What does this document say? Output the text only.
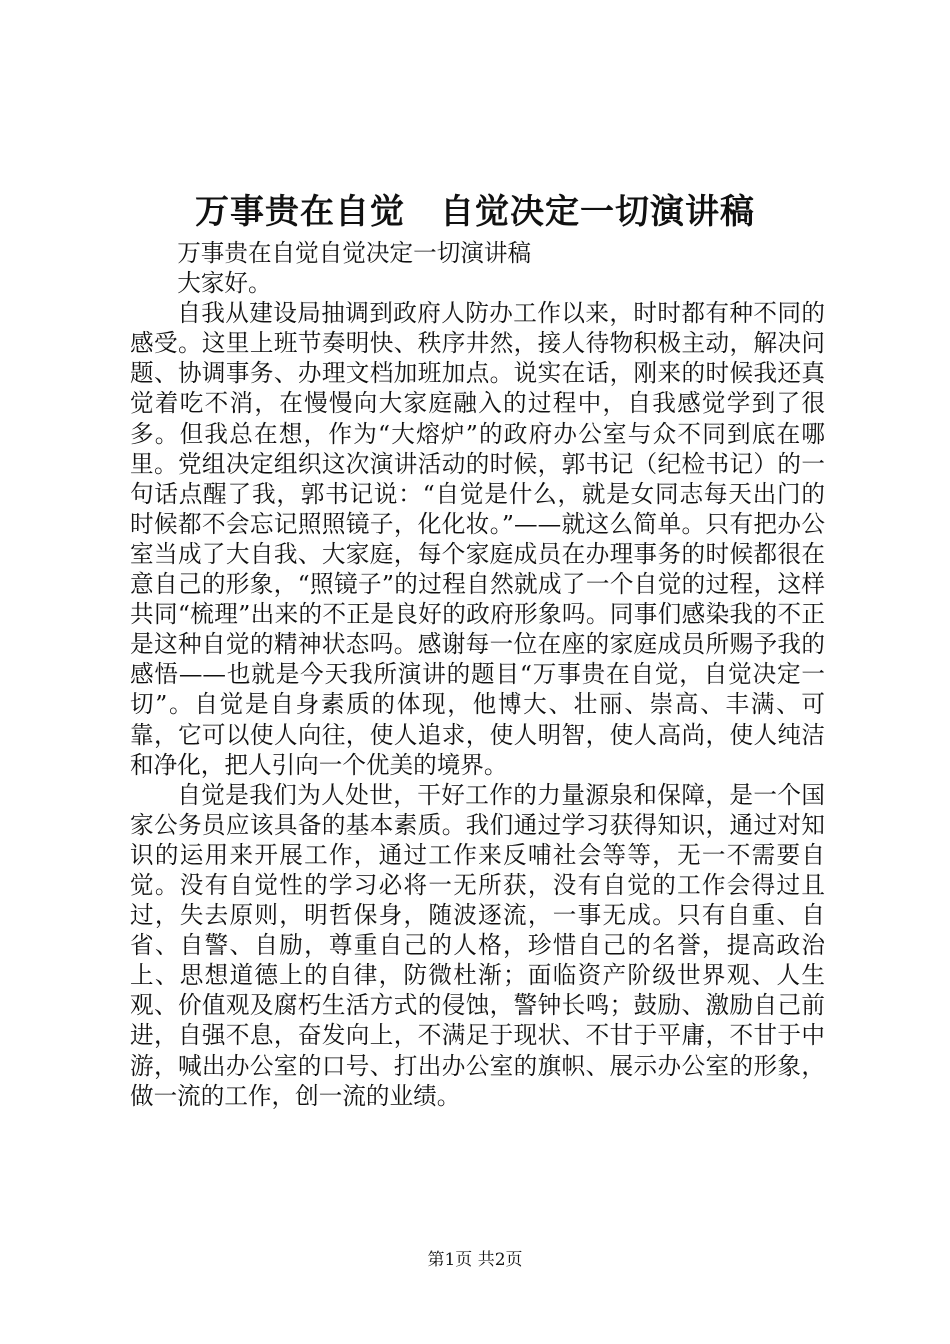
万事贵在自觉　自觉决定一切演讲稿

万事贵在自觉自觉决定一切演讲稿

大家好。

自我从建设局抽调到政府人防办工作以来，时时都有种不同的感受。这里上班节奏明快、秩序井然，接人待物积极主动，解决问题、协调事务、办理文档加班加点。说实在话，刚来的时候我还真觉着吃不消，在慢慢向大家庭融入的过程中，自我感觉学到了很多。但我总在想，作为“大熔炉”的政府办公室与众不同到底在哪里。党组决定组织这次演讲活动的时候，郭书记（纪检书记）的一句话点醒了我，郭书记说：“自觉是什么，就是女同志每天出门的时候都不会忘记照照镜子，化化妆。”——就这么简单。只有把办公室当成了大自我、大家庭，每个家庭成员在办理事务的时候都很在意自己的形象，“照镜子”的过程自然就成了一个自觉的过程，这样共同“梳理”出来的不正是良好的政府形象吗。同事们感染我的不正是这种自觉的精神状态吗。感谢每一位在座的家庭成员所赐予我的感悟——也就是今天我所演讲的题目“万事贵在自觉，自觉决定一切”。自觉是自身素质的体现，他博大、壮丽、崇高、丰满、可靠，它可以使人向往，使人追求，使人明智，使人高尚，使人纯洁和净化，把人引向一个优美的境界。

自觉是我们为人处世，干好工作的力量源泉和保障，是一个国家公务员应该具备的基本素质。我们通过学习获得知识，通过对知识的运用来开展工作，通过工作来反哺社会等等，无一不需要自觉。没有自觉性的学习必将一无所获，没有自觉的工作会得过且过，失去原则，明哲保身，随波逐流，一事无成。只有自重、自省、自警、自励，尊重自己的人格，珍惜自己的名誉，提高政治上、思想道德上的自律，防微杜渐；面临资产阶级世界观、人生观、价值观及腐朽生活方式的侵蚀，警钟长鸣；鼓励、激励自己前进，自强不息，奋发向上，不满足于现状、不甘于平庸，不甘于中游，喊出办公室的口号、打出办公室的旗帜、展示办公室的形象，做一流的工作，创一流的业绩。

第1页 共2页
